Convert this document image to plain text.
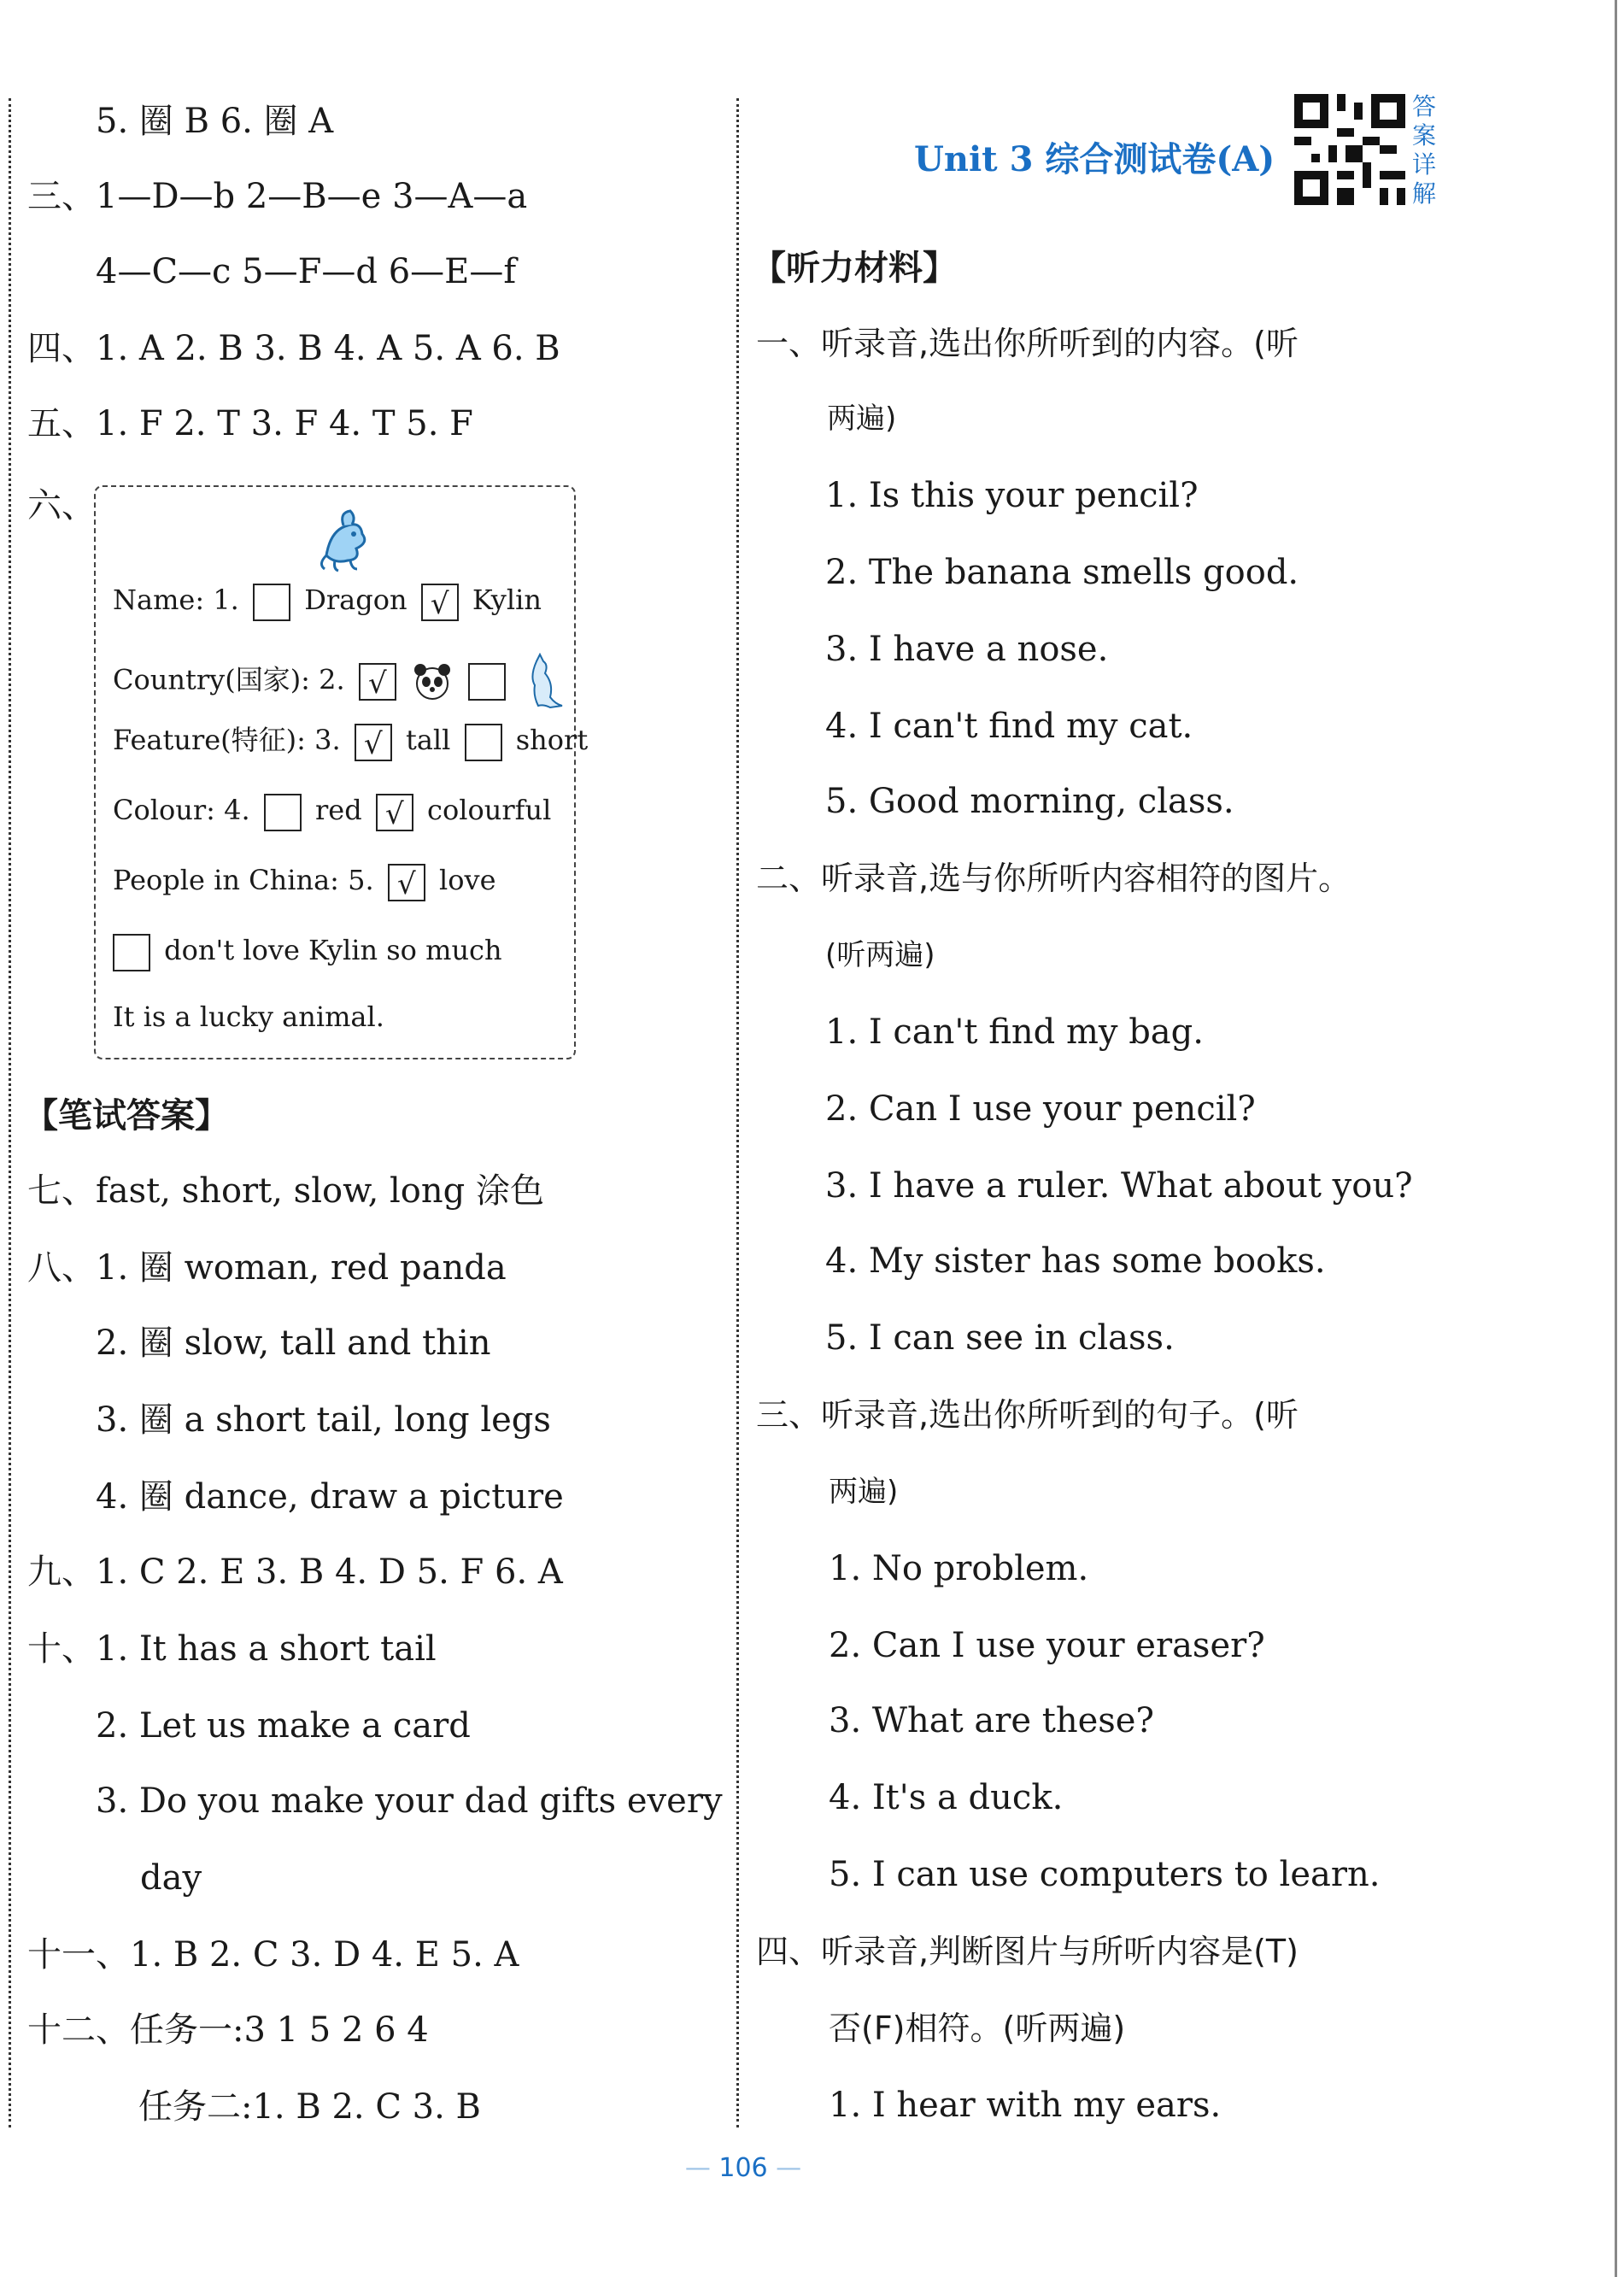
5. 圈 B 6. 圈 A
三、1—D—b 2—B—e 3—A—a
4—C—c 5—F—d 6—E—f
四、1. A 2. B 3. B 4. A 5. A 6. B
五、1. F 2. T 3. F 4. T 5. F
六、
Name: 1. Dragon √ Kylin
Country(国家): 2. √
Feature(特征): 3. √ tall short
Colour: 4. red √ colourful
People in China: 5. √ love
don't love Kylin so much
It is a lucky animal.
【笔试答案】
七、fast, short, slow, long 涂色
八、1. 圈 woman, red panda
2. 圈 slow, tall and thin
3. 圈 a short tail, long legs
4. 圈 dance, draw a picture
九、1. C 2. E 3. B 4. D 5. F 6. A
十、1. It has a short tail
2. Let us make a card
3. Do you make your dad gifts every
day
十一、1. B 2. C 3. D 4. E 5. A
十二、任务一:3 1 5 2 6 4
任务二:1. B 2. C 3. B
Unit 3 综合测试卷(A)
答案详解
【听力材料】
一、听录音,选出你所听到的内容。(听
两遍)
1. Is this your pencil?
2. The banana smells good.
3. I have a nose.
4. I can't find my cat.
5. Good morning, class.
二、听录音,选与你所听内容相符的图片。
(听两遍)
1. I can't find my bag.
2. Can I use your pencil?
3. I have a ruler. What about you?
4. My sister has some books.
5. I can see in class.
三、听录音,选出你所听到的句子。(听
两遍)
1. No problem.
2. Can I use your eraser?
3. What are these?
4. It's a duck.
5. I can use computers to learn.
四、听录音,判断图片与所听内容是(T)
否(F)相符。(听两遍)
1. I hear with my ears.
— 106 —
